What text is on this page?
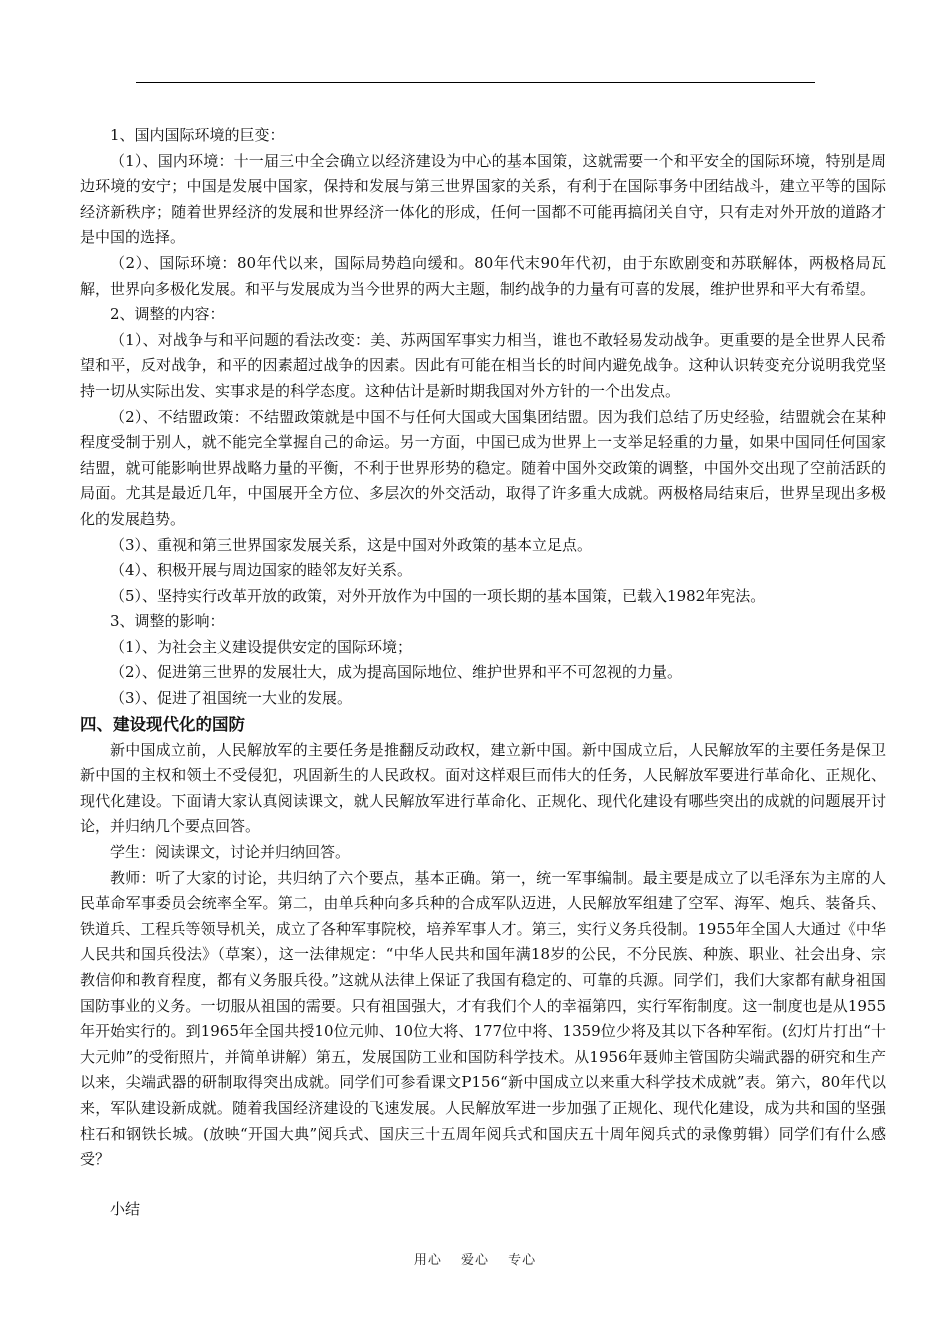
1、国内国际环境的巨变：

（1）、国内环境：十一届三中全会确立以经济建设为中心的基本国策，这就需要一个和平安全的国际环境，特别是周边环境的安宁；中国是发展中国家，保持和发展与第三世界国家的关系，有利于在国际事务中团结战斗，建立平等的国际经济新秩序；随着世界经济的发展和世界经济一体化的形成，任何一国都不可能再搞闭关自守，只有走对外开放的道路才是中国的选择。

（2）、国际环境：80年代以来，国际局势趋向缓和。80年代末90年代初，由于东欧剧变和苏联解体，两极格局瓦解，世界向多极化发展。和平与发展成为当今世界的两大主题，制约战争的力量有可喜的发展，维护世界和平大有希望。

2、调整的内容：

（1）、对战争与和平问题的看法改变：美、苏两国军事实力相当，谁也不敢轻易发动战争。更重要的是全世界人民希望和平，反对战争，和平的因素超过战争的因素。因此有可能在相当长的时间内避免战争。这种认识转变充分说明我党坚持一切从实际出发、实事求是的科学态度。这种估计是新时期我国对外方针的一个出发点。

（2）、不结盟政策：不结盟政策就是中国不与任何大国或大国集团结盟。因为我们总结了历史经验，结盟就会在某种程度受制于别人，就不能完全掌握自己的命运。另一方面，中国已成为世界上一支举足轻重的力量，如果中国同任何国家结盟，就可能影响世界战略力量的平衡，不利于世界形势的稳定。随着中国外交政策的调整，中国外交出现了空前活跃的局面。尤其是最近几年，中国展开全方位、多层次的外交活动，取得了许多重大成就。两极格局结束后，世界呈现出多极化的发展趋势。

（3）、重视和第三世界国家发展关系，这是中国对外政策的基本立足点。

（4）、积极开展与周边国家的睦邻友好关系。

（5）、坚持实行改革开放的政策，对外开放作为中国的一项长期的基本国策，已载入1982年宪法。

3、调整的影响：

（1）、为社会主义建设提供安定的国际环境；

（2）、促进第三世界的发展壮大，成为提高国际地位、维护世界和平不可忽视的力量。

（3）、促进了祖国统一大业的发展。

四、建设现代化的国防

新中国成立前，人民解放军的主要任务是推翻反动政权，建立新中国。新中国成立后，人民解放军的主要任务是保卫新中国的主权和领土不受侵犯，巩固新生的人民政权。面对这样艰巨而伟大的任务，人民解放军要进行革命化、正规化、现代化建设。下面请大家认真阅读课文，就人民解放军进行革命化、正规化、现代化建设有哪些突出的成就的问题展开讨论，并归纳几个要点回答。

学生：阅读课文，讨论并归纳回答。

教师：听了大家的讨论，共归纳了六个要点，基本正确。第一，统一军事编制。最主要是成立了以毛泽东为主席的人民革命军事委员会统率全军。第二，由单兵种向多兵种的合成军队迈进，人民解放军组建了空军、海军、炮兵、装备兵、铁道兵、工程兵等领导机关，成立了各种军事院校，培养军事人才。第三，实行义务兵役制。1955年全国人大通过《中华人民共和国兵役法》（草案），这一法律规定：“中华人民共和国年满18岁的公民，不分民族、种族、职业、社会出身、宗教信仰和教育程度，都有义务服兵役。”这就从法律上保证了我国有稳定的、可靠的兵源。同学们，我们大家都有献身祖国国防事业的义务。一切服从祖国的需要。只有祖国强大，才有我们个人的幸福第四，实行军衔制度。这一制度也是从1955年开始实行的。到1965年全国共授10位元帅、10位大将、177位中将、1359位少将及其以下各种军衔。(幻灯片打出“十大元帅”的受衔照片，并简单讲解）第五，发展国防工业和国防科学技术。从1956年聂帅主管国防尖端武器的研究和生产以来，尖端武器的研制取得突出成就。同学们可参看课文P156“新中国成立以来重大科学技术成就”表。第六，80年代以来，军队建设新成就。随着我国经济建设的飞速发展。人民解放军进一步加强了正规化、现代化建设，成为共和国的坚强柱石和钢铁长城。(放映“开国大典”阅兵式、国庆三十五周年阅兵式和国庆五十周年阅兵式的录像剪辑）同学们有什么感受？

小结

用心 爱心 专心
